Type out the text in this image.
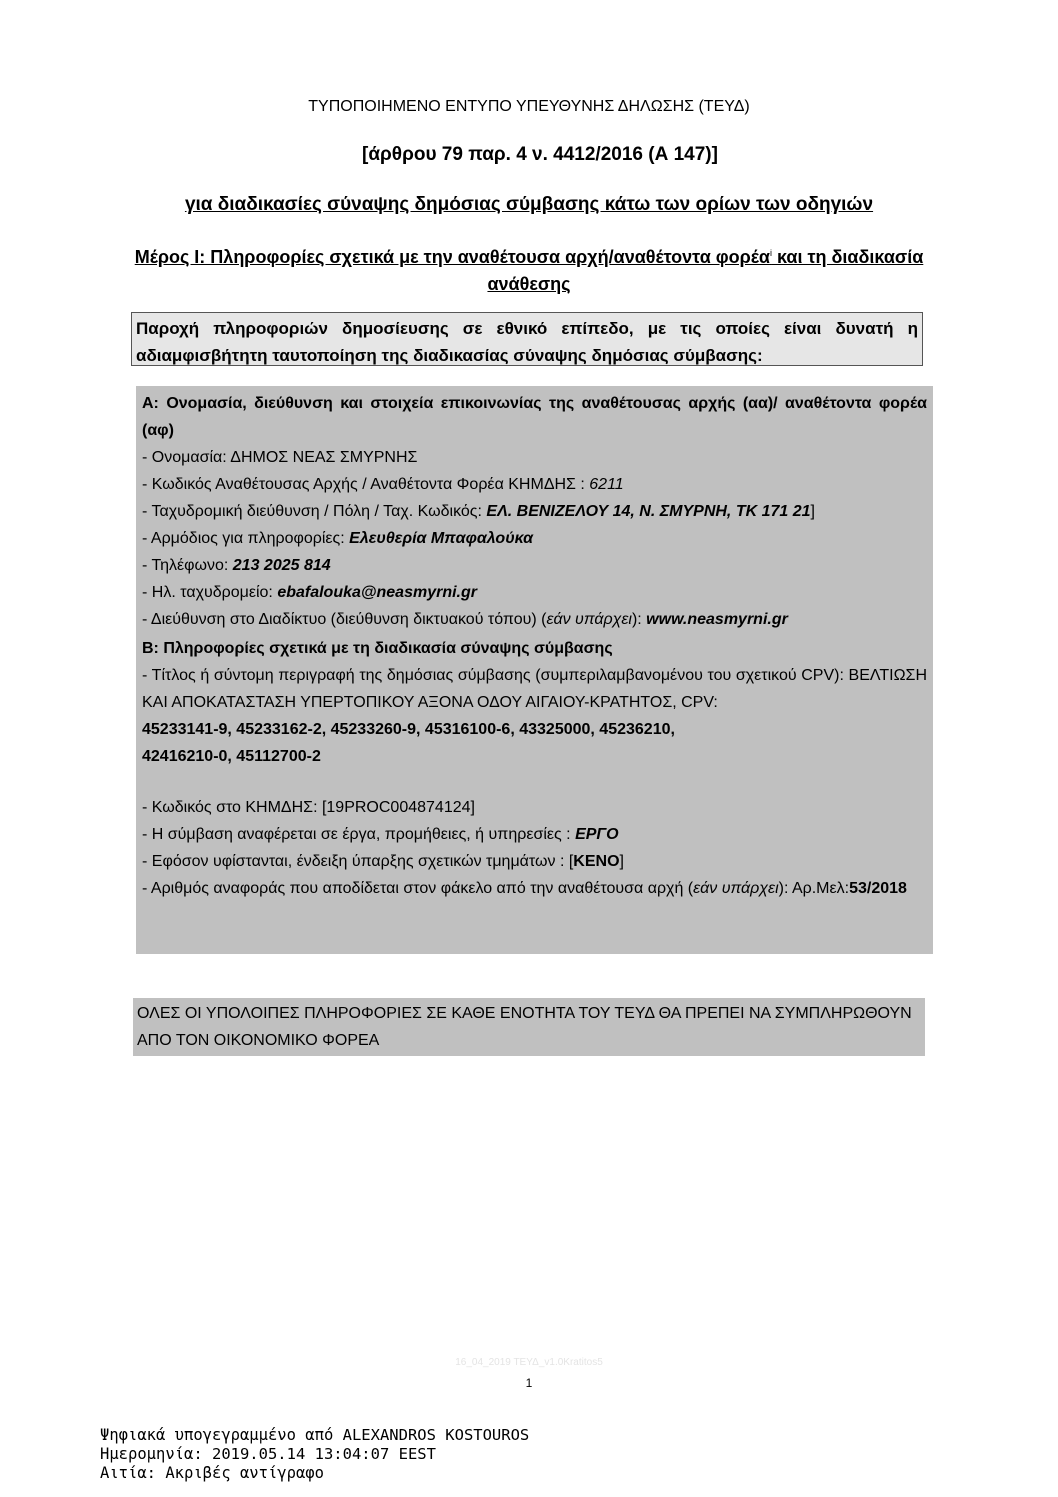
ΤΥΠΟΠΟΙΗΜΕΝΟ ΕΝΤΥΠΟ ΥΠΕΥΘΥΝΗΣ ΔΗΛΩΣΗΣ (ΤΕΥΔ)
[άρθρου 79 παρ. 4 ν. 4412/2016 (Α 147)]
για διαδικασίες σύναψης δημόσιας σύμβασης κάτω των ορίων των οδηγιών
Μέρος Ι: Πληροφορίες σχετικά με την αναθέτουσα αρχή/αναθέτοντα φορέα$^i$ και τη διαδικασία ανάθεσης
Παροχή πληροφοριών δημοσίευσης σε εθνικό επίπεδο, με τις οποίες είναι δυνατή η αδιαμφισβήτητη ταυτοποίηση της διαδικασίας σύναψης δημόσιας σύμβασης:
Α: Ονομασία, διεύθυνση και στοιχεία επικοινωνίας της αναθέτουσας αρχής (αα)/ αναθέτοντα φορέα (αφ)
- Ονομασία: ΔΗΜΟΣ ΝΕΑΣ ΣΜΥΡΝΗΣ
- Κωδικός Αναθέτουσας Αρχής / Αναθέτοντα Φορέα ΚΗΜΔΗΣ : 6211
- Ταχυδρομική διεύθυνση / Πόλη / Ταχ. Κωδικός: ΕΛ. ΒΕΝΙΖΕΛΟΥ 14, Ν. ΣΜΥΡΝΗ, ΤΚ 171 21]
- Αρμόδιος για πληροφορίες: Ελευθερία Μπαφαλούκα
- Τηλέφωνο: 213 2025 814
- Ηλ. ταχυδρομείο: ebafalouka@neasmyrni.gr
- Διεύθυνση στο Διαδίκτυο (διεύθυνση δικτυακού τόπου) (εάν υπάρχει): www.neasmyrni.gr
Β: Πληροφορίες σχετικά με τη διαδικασία σύναψης σύμβασης
- Τίτλος ή σύντομη περιγραφή της δημόσιας σύμβασης (συμπεριλαμβανομένου του σχετικού CPV): ΒΕΛΤΙΩΣΗ ΚΑΙ ΑΠΟΚΑΤΑΣΤΑΣΗ ΥΠΕΡΤΟΠΙΚΟΥ ΑΞΟΝΑ ΟΔΟΥ ΑΙΓΑΙΟΥ-ΚΡΑΤΗΤΟΣ, CPV:
45233141-9, 45233162-2, 45233260-9, 45316100-6, 43325000, 45236210,
42416210-0, 45112700-2
- Κωδικός στο ΚΗΜΔΗΣ: [19PROC004874124]
- Η σύμβαση αναφέρεται σε έργα, προμήθειες, ή υπηρεσίες : ΕΡΓΟ
- Εφόσον υφίστανται, ένδειξη ύπαρξης σχετικών τμημάτων : [ΚΕΝΟ]
- Αριθμός αναφοράς που αποδίδεται στον φάκελο από την αναθέτουσα αρχή (εάν υπάρχει): Αρ.Μελ:53/2018
ΟΛΕΣ ΟΙ ΥΠΟΛΟΙΠΕΣ ΠΛΗΡΟΦΟΡΙΕΣ ΣΕ ΚΑΘΕ ΕΝΟΤΗΤΑ ΤΟΥ ΤΕΥΔ ΘΑ ΠΡΕΠΕΙ ΝΑ ΣΥΜΠΛΗΡΩΘΟΥΝ ΑΠΟ ΤΟΝ ΟΙΚΟΝΟΜΙΚΟ ΦΟΡΕΑ
16_04_2019 ΤΕΥΔ_v1.0Kratitos5
1
Ψηφιακά υπογεγραμμένο από ALEXANDROS KOSTOUROS
Ημερομηνία: 2019.05.14 13:04:07 EEST
Αιτία: Ακριβές αντίγραφο
